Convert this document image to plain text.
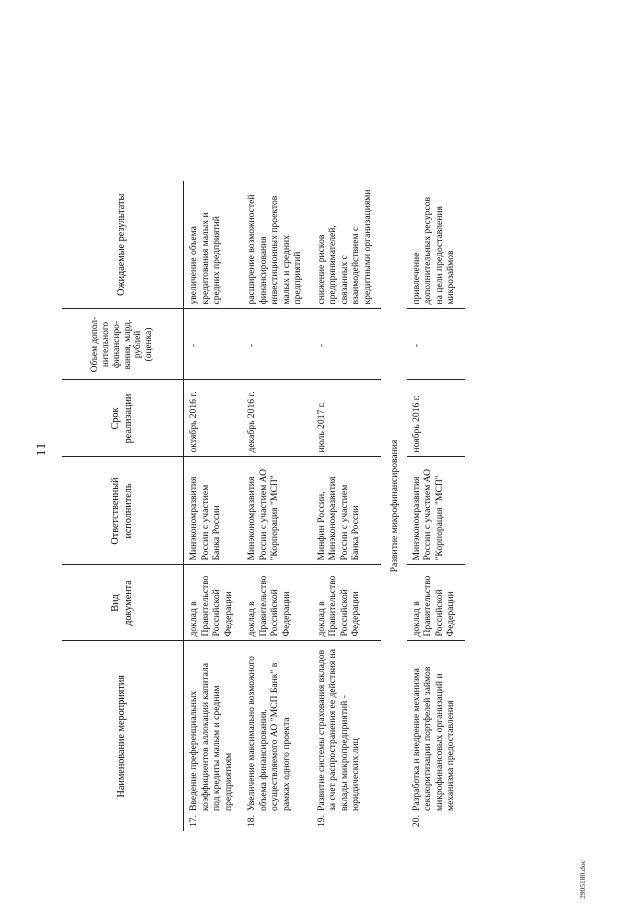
11
2905180.doc
Наименование мероприятия	Вид документа	Ответственный исполнитель	Срок реализации	Объем допол-нительного финансиро-вания, млрд. рублей (оценка)	Ожидаемые результаты

17.
Введение преференциальных коэффициентов аллокации капитала под кредиты малым и средним предприятиям	доклад в Правительство Российской Федерации	Минэкономразвития России с участием Банка России	октябрь 2016 г.	-	увеличение объема кредитования малых и средних предприятий

18.
Увеличение максимально возможного объема финансирования, осуществляемого АО "МСП Банк" в рамках одного проекта	доклад в Правительство Российской Федерации	Минэкономразвития России с участием АО "Корпорация "МСП"	декабрь 2016 г.	-	расширение возможностей финансирования инвестиционных проектов малых и средних предприятий

19.
Развитие системы страхования вкладов за счет распространения ее действия на вклады микропредприятий - юридических лиц	доклад в Правительство Российской Федерации	Минфин России, Минэкономразвития России с участием Банка России	июль 2017 г.	-	снижение рисков предпринимателей, связанных с взаимодействием с кредитными организациями
Развитие микрофинансирования					

20.
Разработка и внедрение механизма секьюритизации портфелей займов микрофинансовых организаций и механизма предоставления	доклад в Правительство Российской Федерации	Минэкономразвития России с участием АО "Корпорация "МСП"	ноябрь 2016 г.	-	привлечение дополнительных ресурсов на цели предоставления микрозаймов
